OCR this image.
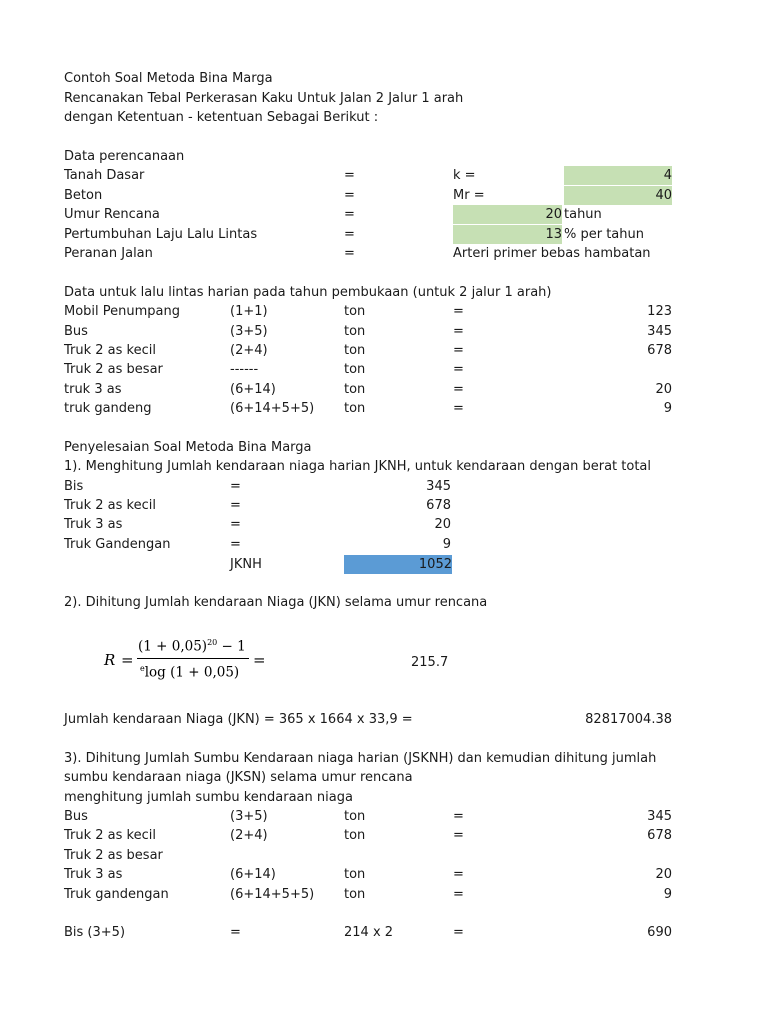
Contoh Soal Metoda Bina Marga
Rencanakan Tebal Perkerasan Kaku Untuk Jalan 2 Jalur 1 arah
dengan Ketentuan - ketentuan Sebagai Berikut :
Data perencanaan
Tanah Dasar	=	k =	4
Beton	=	Mr =	40
Umur Rencana	=	20 tahun
Pertumbuhan Laju Lalu Lintas	=	13 % per tahun
Peranan Jalan	=	Arteri primer bebas hambatan
Data untuk lalu lintas harian pada tahun pembukaan (untuk 2 jalur 1 arah)
Mobil Penumpang	(1+1)	ton	=	123
Bus	(3+5)	ton	=	345
Truk 2 as kecil	(2+4)	ton	=	678
Truk 2 as besar	------	ton	=
truk 3 as	(6+14)	ton	=	20
truk gandeng	(6+14+5+5) ton	=	9
Penyelesaian Soal Metoda Bina Marga
1). Menghitung Jumlah kendaraan niaga harian JKNH, untuk kendaraan dengan berat total
Bis	=	345
Truk 2 as kecil	=	678
Truk 3 as	=	20
Truk Gandengan	=	9
JKNH	1052
2). Dihitung Jumlah kendaraan Niaga (JKN) selama umur rencana
R =
$(1 + 0,05)^{20} - 1$
$^e$log (1 + 0,05)
=	215.7
Jumlah kendaraan Niaga (JKN) = 365 x 1664 x 33,9 =	82817004.38
3). Dihitung Jumlah Sumbu Kendaraan niaga harian (JSKNH) dan kemudian dihitung jumlah
sumbu kendaraan niaga (JKSN) selama umur rencana
menghitung jumlah sumbu kendaraan niaga
Bus	(3+5)	ton	=	345
Truk 2 as kecil	(2+4)	ton	=	678
Truk 2 as besar
Truk 3 as	(6+14)	ton	=	20
Truk gandengan	(6+14+5+5) ton	=	9
Bis (3+5)	=	214 x 2	=	690
